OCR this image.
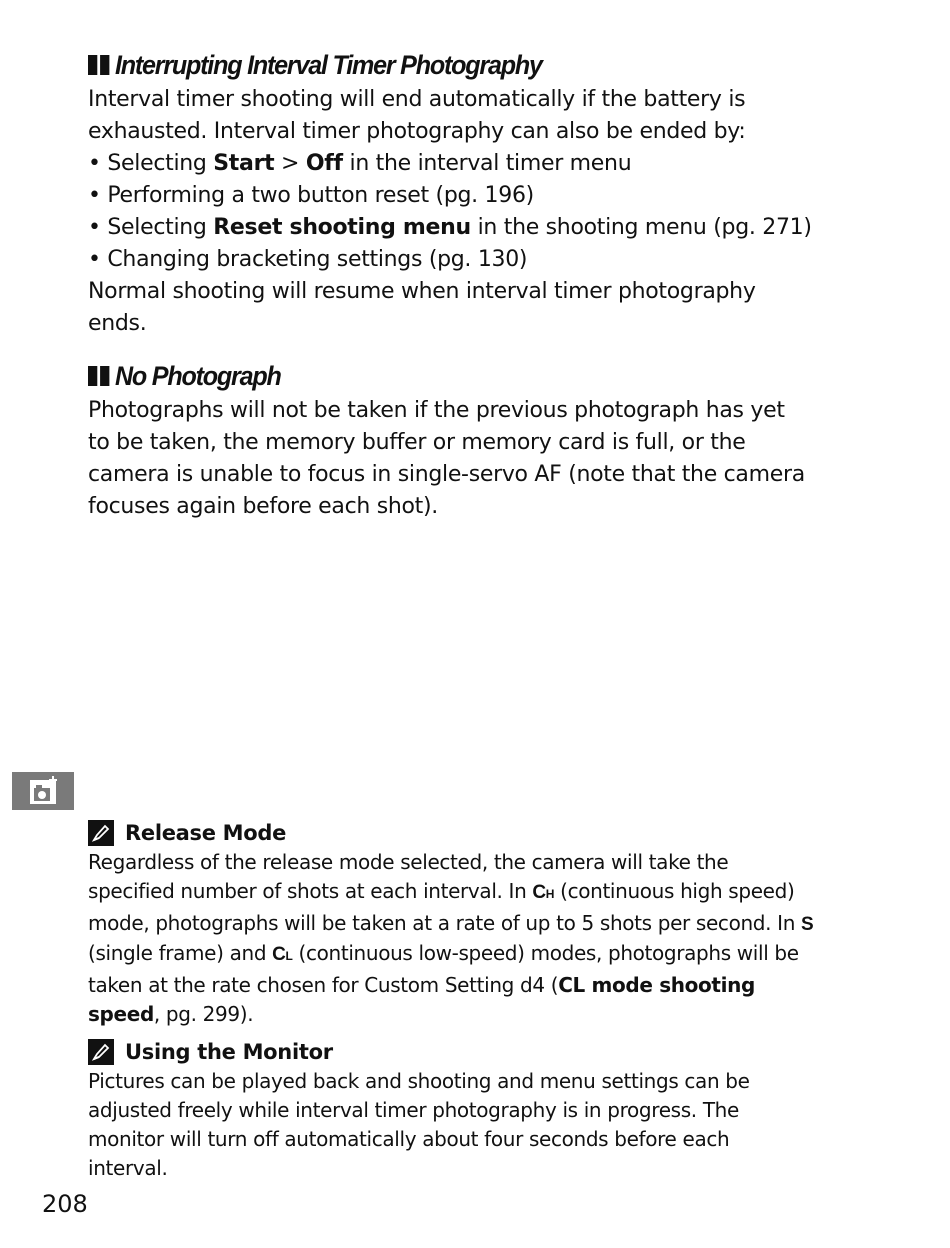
Interrupting Interval Timer Photography

Interval timer shooting will end automatically if the battery is

exhausted. Interval timer photography can also be ended by:

• Selecting Start > Off in the interval timer menu

• Performing a two button reset (pg. 196)

• Selecting Reset shooting menu in the shooting menu (pg. 271)

• Changing bracketing settings (pg. 130)

Normal shooting will resume when interval timer photography

ends.

No Photograph

Photographs will not be taken if the previous photograph has yet

to be taken, the memory buffer or memory card is full, or the

camera is unable to focus in single-servo AF (note that the camera

focuses again before each shot).

Release Mode

Regardless of the release mode selected, the camera will take the

specified number of shots at each interval. In CH (continuous high speed)

mode, photographs will be taken at a rate of up to 5 shots per second. In S

(single frame) and CL (continuous low-speed) modes, photographs will be

taken at the rate chosen for Custom Setting d4 (CL mode shooting

speed, pg. 299).

Using the Monitor

Pictures can be played back and shooting and menu settings can be

adjusted freely while interval timer photography is in progress. The

monitor will turn off automatically about four seconds before each

interval.

208
